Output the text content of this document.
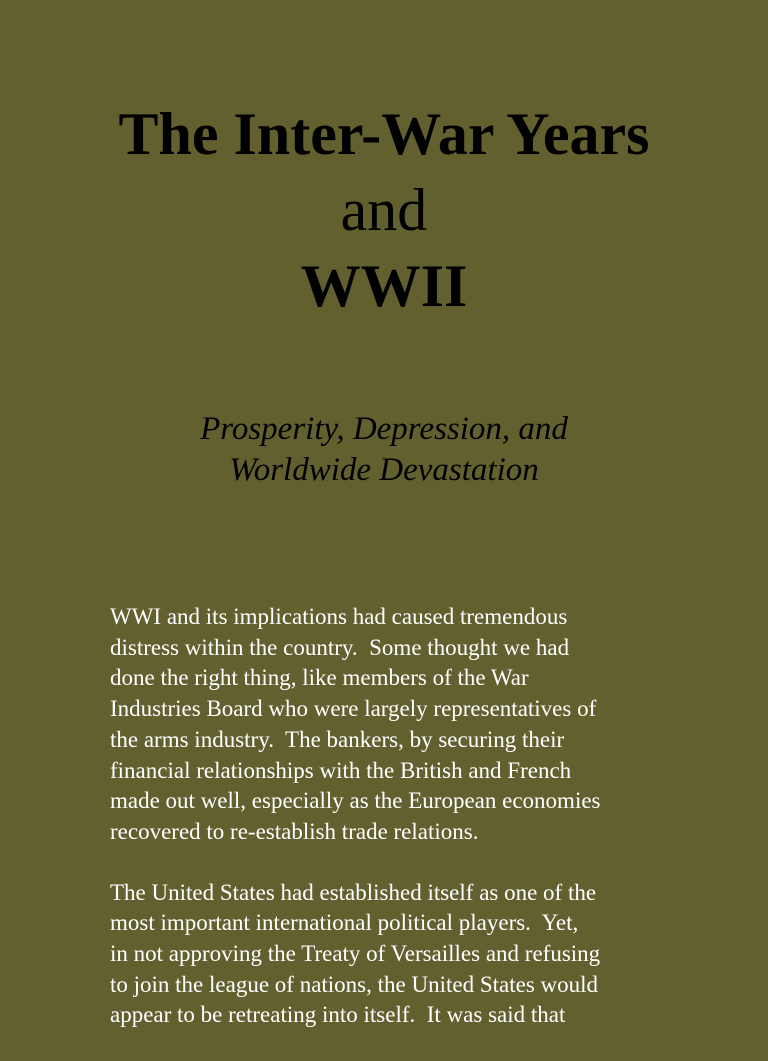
The Inter-War Years
and
WWII
Prosperity, Depression, and
Worldwide Devastation

WWI and its implications had caused tremendous
distress within the country.  Some thought we had
done the right thing, like members of the War
Industries Board who were largely representatives of
the arms industry.  The bankers, by securing their
financial relationships with the British and French
made out well, especially as the European economies
recovered to re-establish trade relations.

The United States had established itself as one of the
most important international political players.  Yet,
in not approving the Treaty of Versailles and refusing
to join the league of nations, the United States would
appear to be retreating into itself.  It was said that
